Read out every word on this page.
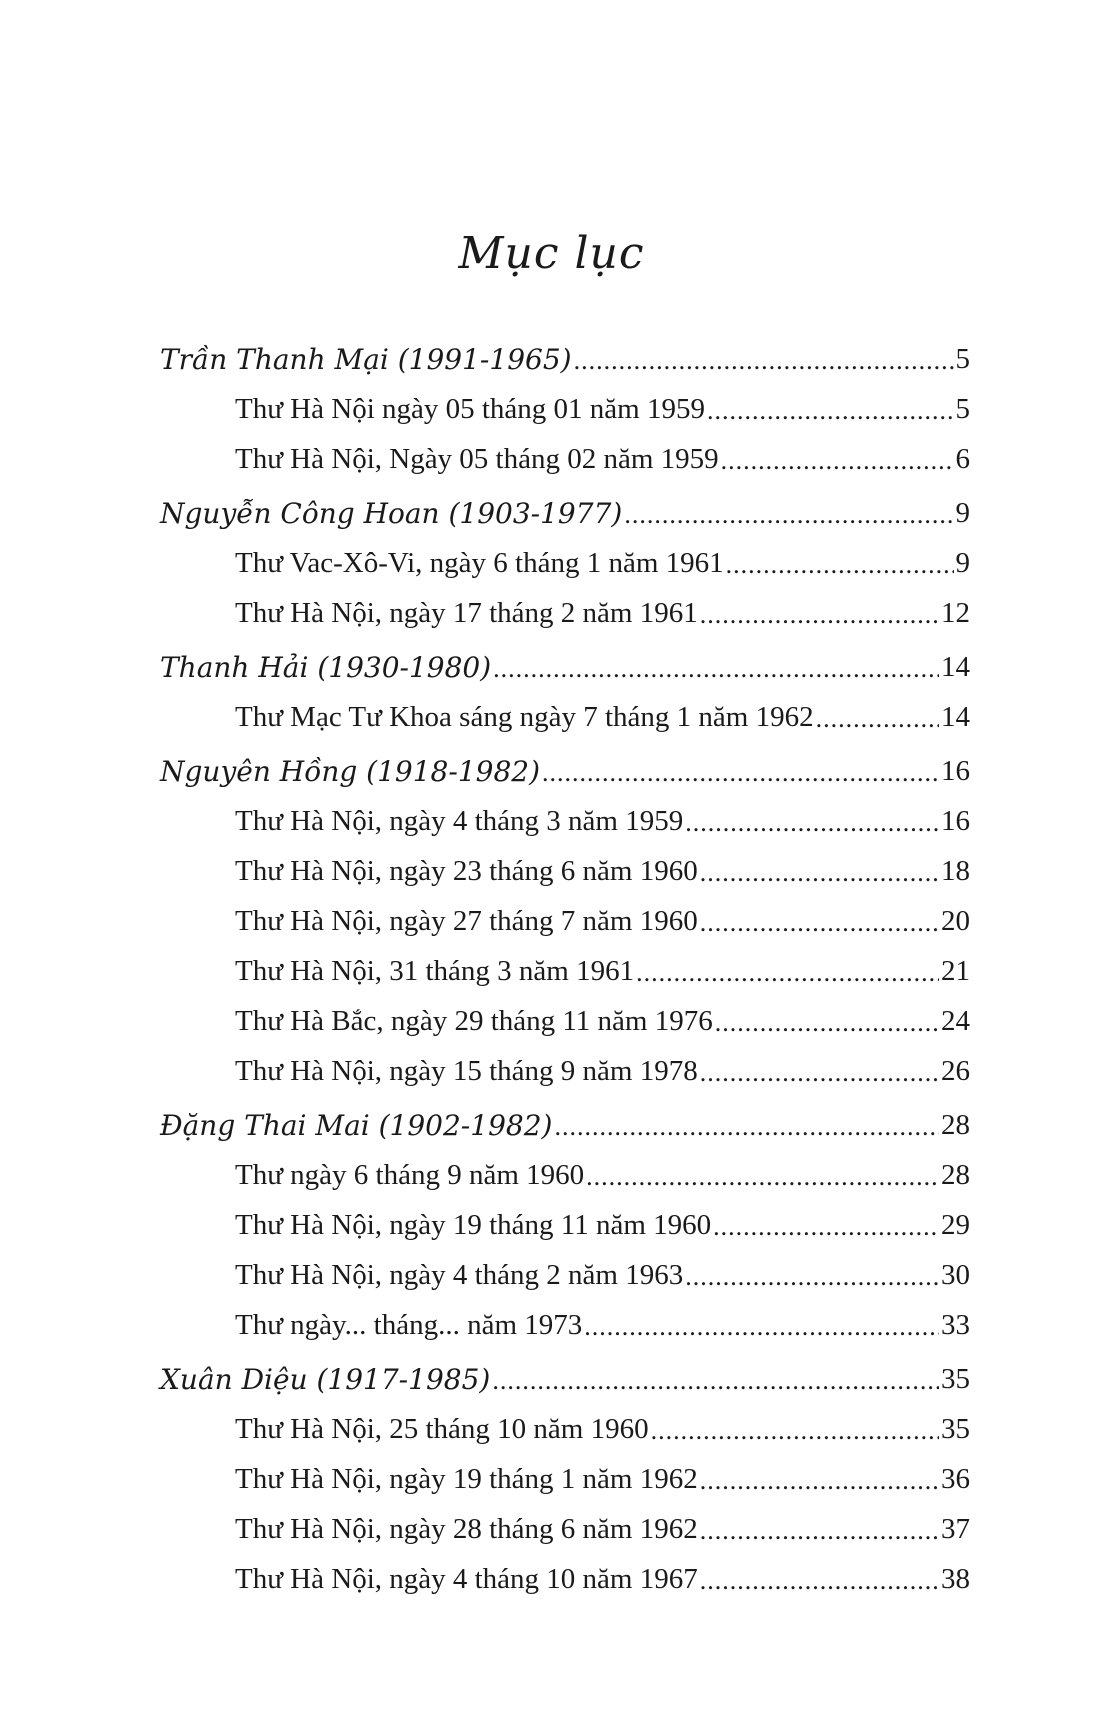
Mục lục
Trần Thanh Mại (1991-1965) .....	5
Thư Hà Nội ngày 05 tháng 01 năm 1959 .....	5
Thư Hà Nội, Ngày 05 tháng 02 năm 1959 .....	6
Nguyễn Công Hoan (1903-1977) .....	9
Thư Vac-Xô-Vi, ngày 6 tháng 1 năm 1961 .....	9
Thư Hà Nội, ngày 17 tháng 2 năm 1961 .....	12
Thanh Hải (1930-1980) .....	14
Thư Mạc Tư Khoa sáng ngày 7 tháng 1 năm 1962 .....	14
Nguyên Hồng (1918-1982) .....	16
Thư Hà Nội, ngày 4 tháng 3 năm 1959 .....	16
Thư Hà Nội, ngày 23 tháng 6 năm 1960 .....	18
Thư Hà Nội, ngày 27 tháng 7 năm 1960 .....	20
Thư Hà Nội, 31 tháng 3 năm 1961 .....	21
Thư Hà Bắc, ngày 29 tháng 11 năm 1976 .....	24
Thư Hà Nội, ngày 15 tháng 9 năm 1978 .....	26
Đặng Thai Mai (1902-1982) .....	28
Thư ngày 6 tháng 9 năm 1960 .....	28
Thư Hà Nội, ngày 19 tháng 11 năm 1960 .....	29
Thư Hà Nội, ngày 4 tháng 2 năm 1963 .....	30
Thư ngày... tháng... năm 1973 .....	33
Xuân Diệu (1917-1985) .....	35
Thư Hà Nội, 25 tháng 10 năm 1960 .....	35
Thư Hà Nội, ngày 19 tháng 1 năm 1962 .....	36
Thư Hà Nội, ngày 28 tháng 6 năm 1962 .....	37
Thư Hà Nội, ngày 4 tháng 10 năm 1967 .....	38
